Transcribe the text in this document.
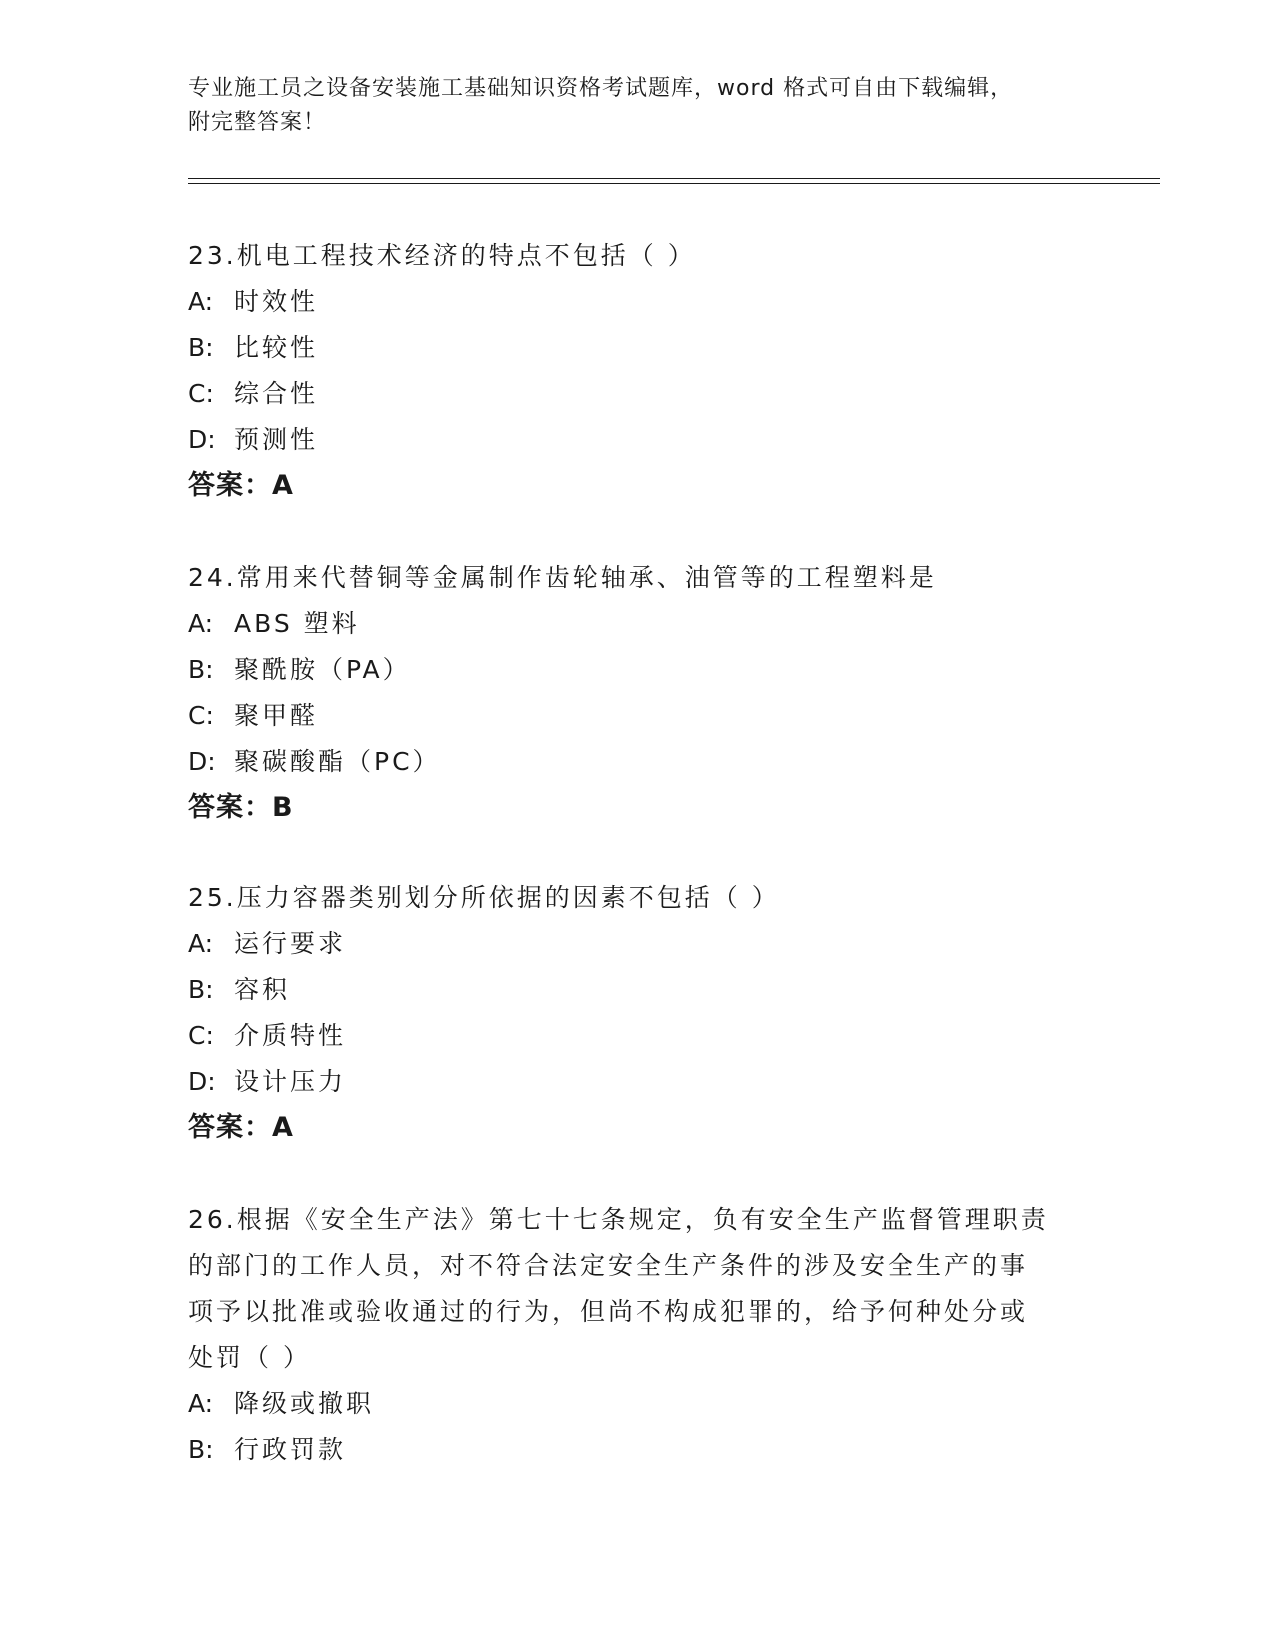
专业施工员之设备安装施工基础知识资格考试题库，word 格式可自由下载编辑，
附完整答案！
23.机电工程技术经济的特点不包括（ ）
A: 时效性
B: 比较性
C: 综合性
D: 预测性
答案：A
24.常用来代替铜等金属制作齿轮轴承、油管等的工程塑料是
A: ABS 塑料
B: 聚酰胺（PA）
C: 聚甲醛
D: 聚碳酸酯（PC）
答案：B
25.压力容器类别划分所依据的因素不包括（ ）
A: 运行要求
B: 容积
C: 介质特性
D: 设计压力
答案：A
26.根据《安全生产法》第七十七条规定，负有安全生产监督管理职责
的部门的工作人员，对不符合法定安全生产条件的涉及安全生产的事
项予以批准或验收通过的行为，但尚不构成犯罪的，给予何种处分或
处罚（ ）
A: 降级或撤职
B: 行政罚款
